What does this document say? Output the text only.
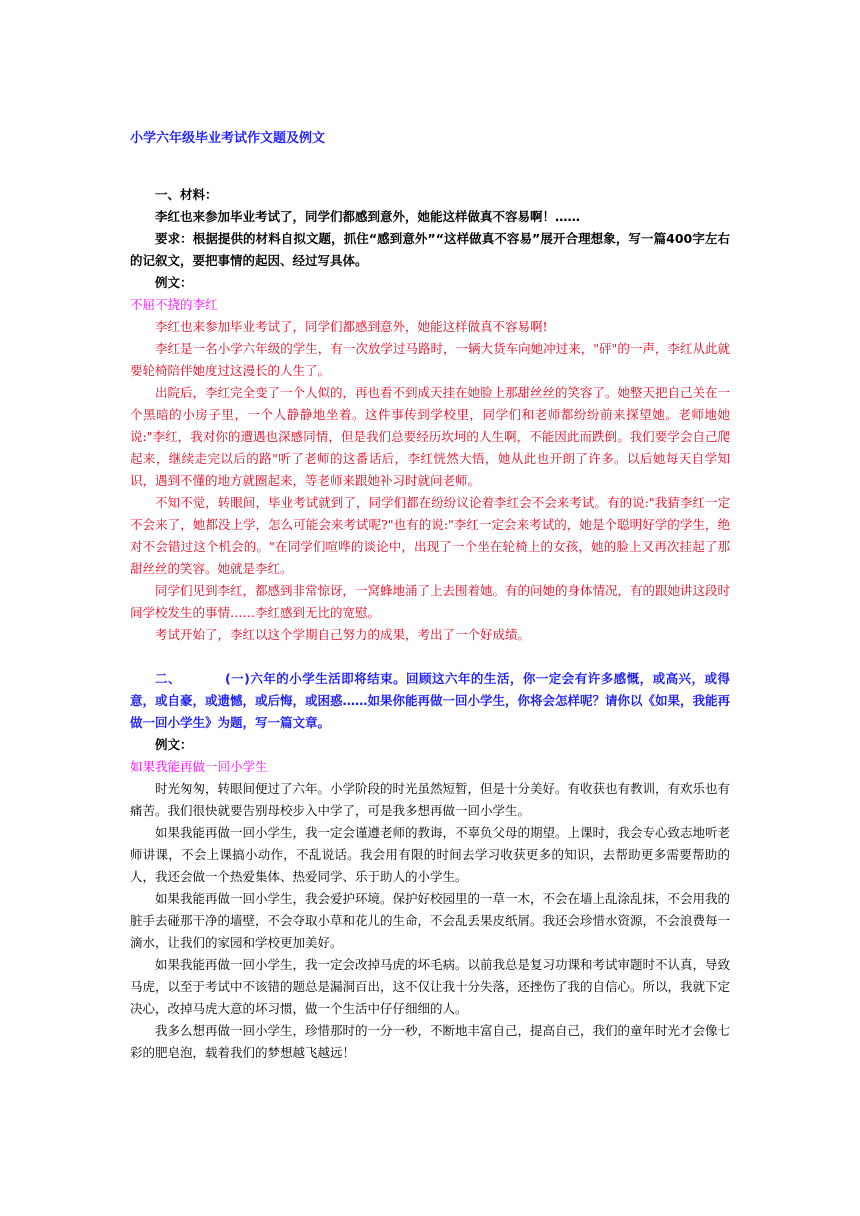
小学六年级毕业考试作文题及例文

一、材料：

李红也来参加毕业考试了，同学们都感到意外，她能这样做真不容易啊！……

要求：根据提供的材料自拟文题，抓住“感到意外”“这样做真不容易”展开合理想象，写一篇400字左右的记叙文，要把事情的起因、经过写具体。

例文：

不屈不挠的李红

李红也来参加毕业考试了，同学们都感到意外，她能这样做真不容易啊!

李红是一名小学六年级的学生，有一次放学过马路时，一辆大货车向她冲过来，"砰"的一声，李红从此就要轮椅陪伴她度过这漫长的人生了。

出院后，李红完全变了一个人似的，再也看不到成天挂在她脸上那甜丝丝的笑容了。她整天把自己关在一个黑暗的小房子里，一个人静静地坐着。这件事传到学校里，同学们和老师都纷纷前来探望她。老师地她说:"李红，我对你的遭遇也深感同情，但是我们总要经历坎坷的人生啊，不能因此而跌倒。我们要学会自己爬起来，继续走完以后的路"听了老师的这番话后，李红恍然大悟，她从此也开朗了许多。以后她每天自学知识，遇到不懂的地方就圈起来，等老师来跟她补习时就问老师。

不知不觉，转眼间，毕业考试就到了，同学们都在纷纷议论着李红会不会来考试。有的说:"我猜李红一定不会来了，她都没上学，怎么可能会来考试呢?"也有的说:"李红一定会来考试的，她是个聪明好学的学生，绝对不会错过这个机会的。"在同学们喧哗的谈论中，出现了一个坐在轮椅上的女孩，她的脸上又再次挂起了那甜丝丝的笑容。她就是李红。

同学们见到李红，都感到非常惊讶，一窝蜂地涌了上去围着她。有的问她的身体情况，有的跟她讲这段时间学校发生的事情……李红感到无比的宽慰。

考试开始了，李红以这个学期自己努力的成果，考出了一个好成绩。

二、	(一)六年的小学生活即将结束。回顾这六年的生活，你一定会有许多感慨，或高兴，或得意，或自豪，或遗憾，或后悔，或困惑……如果你能再做一回小学生，你将会怎样呢？请你以《如果，我能再做一回小学生》为题，写一篇文章。

例文：

如果我能再做一回小学生

时光匆匆，转眼间便过了六年。小学阶段的时光虽然短暂，但是十分美好。有收获也有教训，有欢乐也有痛苦。我们很快就要告别母校步入中学了，可是我多想再做一回小学生。

如果我能再做一回小学生，我一定会谨遵老师的教诲，不辜负父母的期望。上课时，我会专心致志地听老师讲课，不会上课搞小动作，不乱说话。我会用有限的时间去学习收获更多的知识，去帮助更多需要帮助的人，我还会做一个热爱集体、热爱同学、乐于助人的小学生。

如果我能再做一回小学生，我会爱护环境。保护好校园里的一草一木，不会在墙上乱涂乱抹，不会用我的脏手去碰那干净的墙壁，不会夺取小草和花儿的生命，不会乱丢果皮纸屑。我还会珍惜水资源，不会浪费每一滴水，让我们的家园和学校更加美好。

如果我能再做一回小学生，我一定会改掉马虎的坏毛病。以前我总是复习功课和考试审题时不认真，导致马虎，以至于考试中不该错的题总是漏洞百出，这不仅让我十分失落，还挫伤了我的自信心。所以，我就下定决心，改掉马虎大意的坏习惯，做一个生活中仔仔细细的人。

我多么想再做一回小学生，珍惜那时的一分一秒，不断地丰富自己，提高自己，我们的童年时光才会像七彩的肥皂泡，载着我们的梦想越飞越远！
